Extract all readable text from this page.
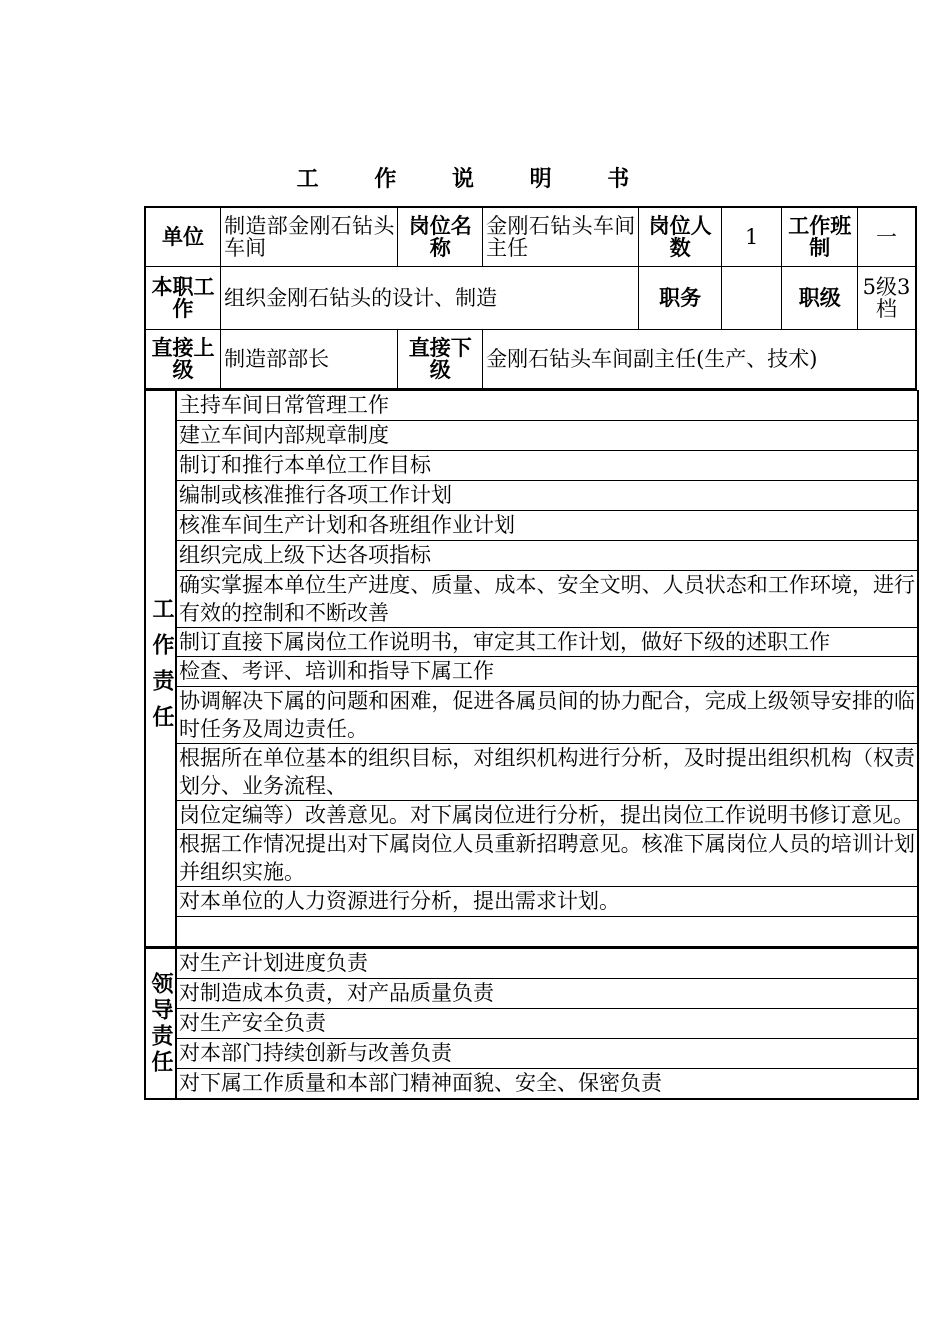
工 作 说 明 书
单位	制造部金刚石钻头车间	岗位名称	金刚石钻头车间主任	岗位人数	1	工作班制	一
本职工作	组织金刚石钻头的设计、制造			职务		职级	5级3档
直接上级	制造部部长	直接下级	金刚石钻头车间副主任(生产、技术)				
工作责任
	主持车间日常管理工作
建立车间内部规章制度
制订和推行本单位工作目标
编制或核准推行各项工作计划
核准车间生产计划和各班组作业计划
组织完成上级下达各项指标
确实掌握本单位生产进度、质量、成本、安全文明、人员状态和工作环境，进行有效的控制和不断改善
制订直接下属岗位工作说明书，审定其工作计划，做好下级的述职工作
检查、考评、培训和指导下属工作
协调解决下属的问题和困难，促进各属员间的协力配合，完成上级领导安排的临时任务及周边责任。
根据所在单位基本的组织目标，对组织机构进行分析，及时提出组织机构（权责划分、业务流程、
岗位定编等）改善意见。对下属岗位进行分析，提出岗位工作说明书修订意见。
根据工作情况提出对下属岗位人员重新招聘意见。核准下属岗位人员的培训计划并组织实施。
对本单位的人力资源进行分析，提出需求计划。

领导责任
	对生产计划进度负责
对制造成本负责，对产品质量负责
对生产安全负责
对本部门持续创新与改善负责
对下属工作质量和本部门精神面貌、安全、保密负责
